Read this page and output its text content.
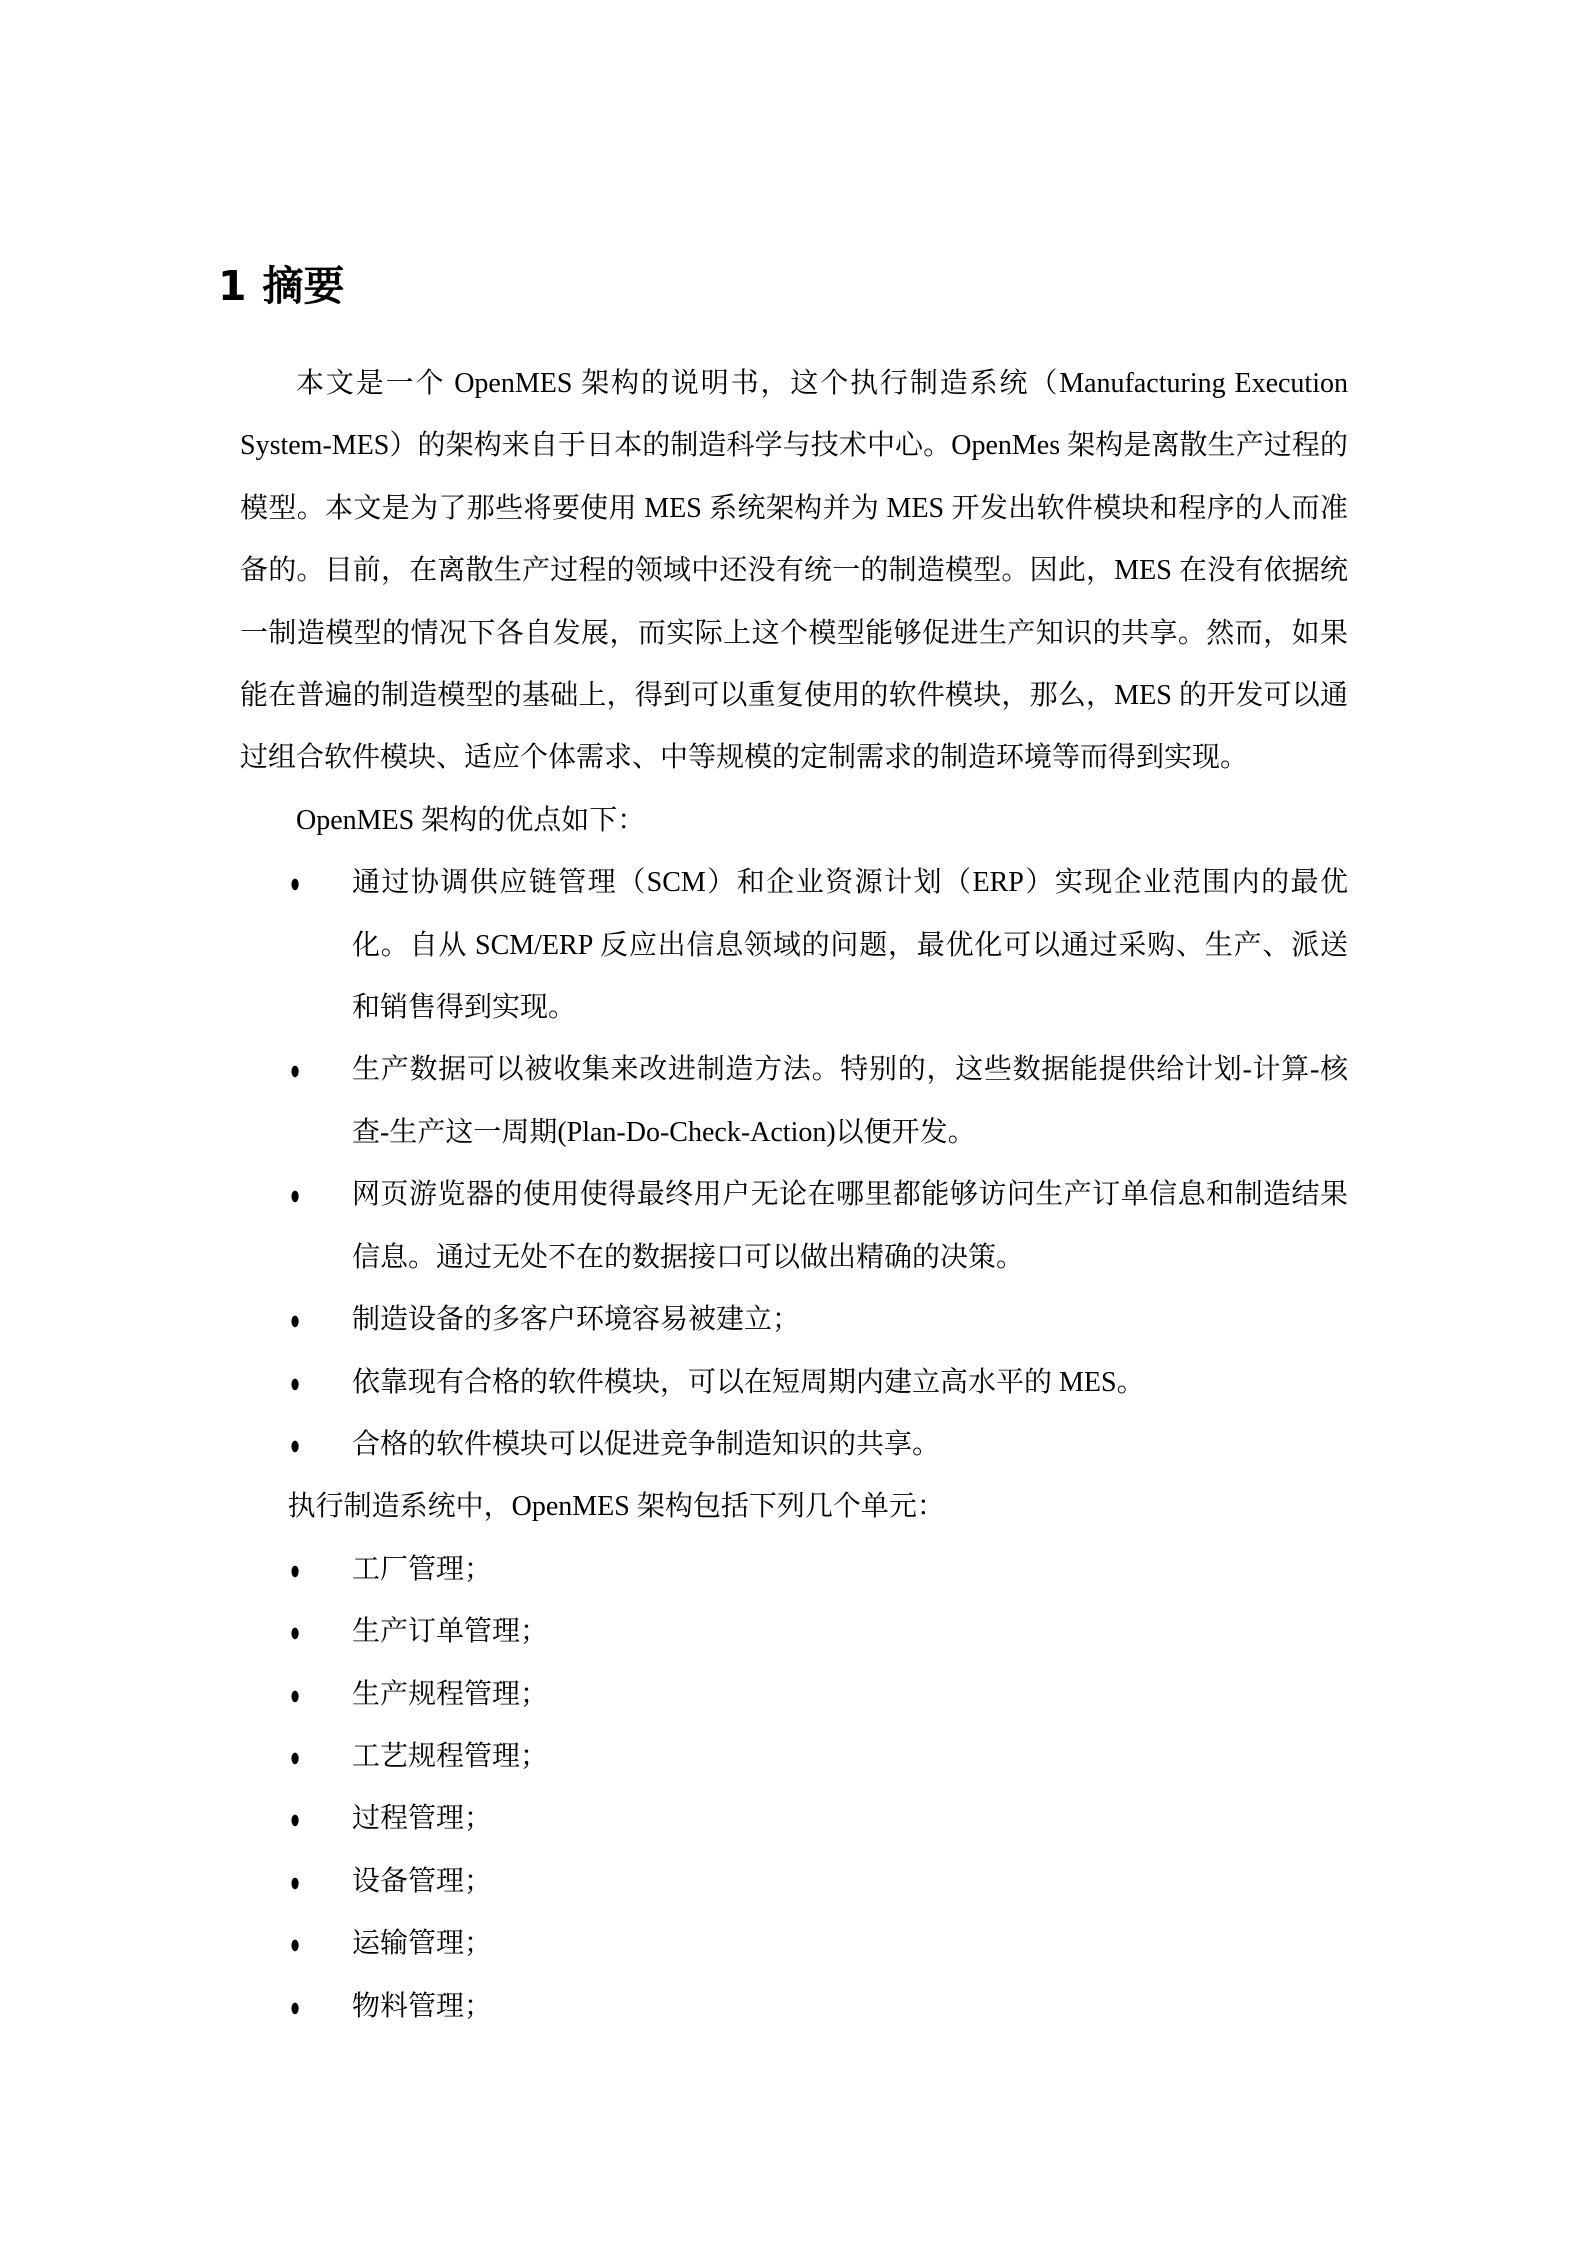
1 摘要

本文是一个 OpenMES 架构的说明书，这个执行制造系统（Manufacturing Execution System-MES）的架构来自于日本的制造科学与技术中心。OpenMes 架构是离散生产过程的模型。本文是为了那些将要使用 MES 系统架构并为 MES 开发出软件模块和程序的人而准备的。目前，在离散生产过程的领域中还没有统一的制造模型。因此，MES 在没有依据统一制造模型的情况下各自发展，而实际上这个模型能够促进生产知识的共享。然而，如果能在普遍的制造模型的基础上，得到可以重复使用的软件模块，那么，MES 的开发可以通过组合软件模块、适应个体需求、中等规模的定制需求的制造环境等而得到实现。

OpenMES 架构的优点如下：

● 通过协调供应链管理（SCM）和企业资源计划（ERP）实现企业范围内的最优化。自从 SCM/ERP 反应出信息领域的问题，最优化可以通过采购、生产、派送和销售得到实现。
● 生产数据可以被收集来改进制造方法。特别的，这些数据能提供给计划-计算-核查-生产这一周期(Plan-Do-Check-Action)以便开发。
● 网页游览器的使用使得最终用户无论在哪里都能够访问生产订单信息和制造结果信息。通过无处不在的数据接口可以做出精确的决策。
● 制造设备的多客户环境容易被建立；
● 依靠现有合格的软件模块，可以在短周期内建立高水平的 MES。
● 合格的软件模块可以促进竞争制造知识的共享。

执行制造系统中，OpenMES 架构包括下列几个单元：

● 工厂管理；
● 生产订单管理；
● 生产规程管理；
● 工艺规程管理；
● 过程管理；
● 设备管理；
● 运输管理；
● 物料管理；
